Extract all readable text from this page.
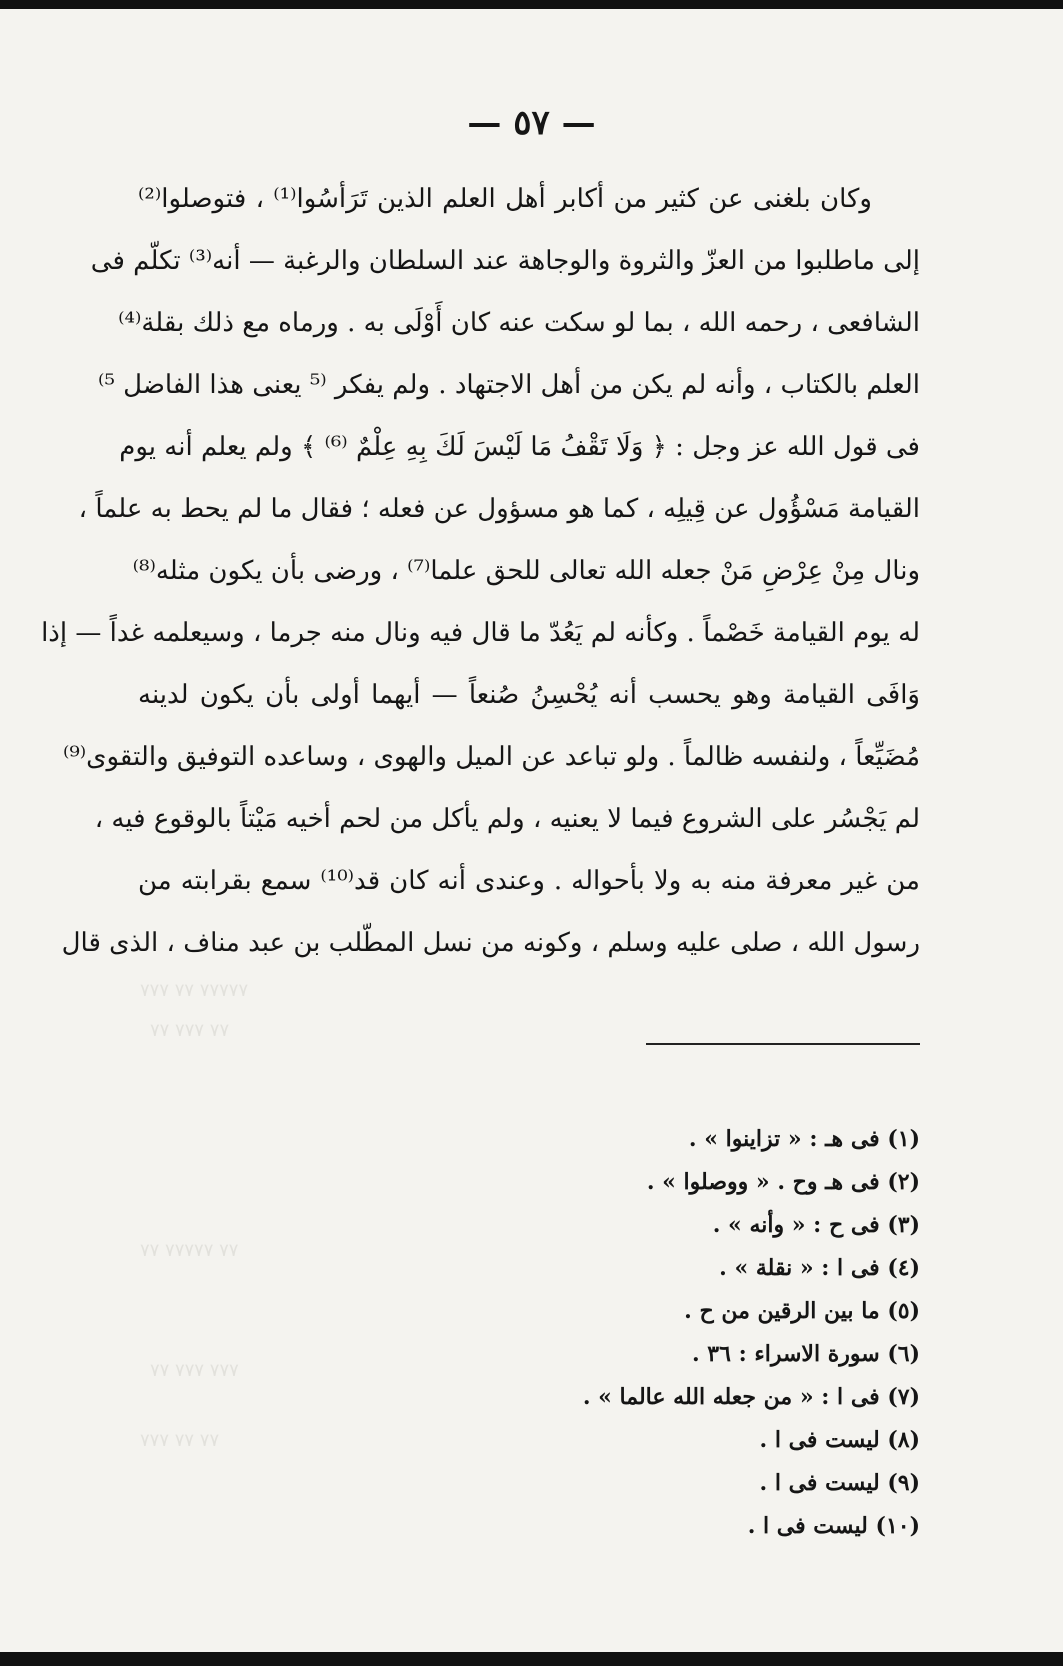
۷۷۷ ۷۷ ۷۷۷۷۷
۷۷ ۷۷۷ ۷۷
۷۷ ۷۷۷۷۷ ۷۷
۷۷ ۷۷۷ ۷۷۷
۷۷۷ ۷۷ ۷۷
— ٥٧ —
وكان بلغنى عن كثير من أكابر أهل العلم الذين تَرَأسُوا⁽¹⁾ ، فتوصلوا⁽²⁾
إلى ماطلبوا من العزّ والثروة والوجاهة عند السلطان والرغبة — أنه⁽³⁾ تكلّم فى
الشافعى ، رحمه الله ، بما لو سكت عنه كان أَوْلَى به . ورماه مع ذلك بقلة⁽⁴⁾
العلم بالكتاب ، وأنه لم يكن من أهل الاجتهاد . ولم يفكر ⁽⁵ يعنى هذا الفاضل ⁵⁾
فى قول الله عز وجل : ﴿ وَلَا تَقْفُ مَا لَيْسَ لَكَ بِهِ عِلْمٌ ⁽⁶⁾ ﴾ ولم يعلم أنه يوم
القيامة مَسْؤُول عن قِيلِه ، كما هو مسؤول عن فعله ؛ فقال ما لم يحط به علماً ،
ونال مِنْ عِرْضِ مَنْ جعله الله تعالى للحق علما⁽⁷⁾ ، ورضى بأن يكون مثله⁽⁸⁾
له يوم القيامة خَصْماً . وكأنه لم يَعُدّ ما قال فيه ونال منه جرما ، وسيعلمه غداً — إذا
وَافَى القيامة وهو يحسب أنه يُحْسِنُ صُنعاً — أيهما أولى بأن يكون لدينه
مُضَيِّعاً ، ولنفسه ظالماً . ولو تباعد عن الميل والهوى ، وساعده التوفيق والتقوى⁽⁹⁾
لم يَجْسُر على الشروع فيما لا يعنيه ، ولم يأكل من لحم أخيه مَيْتاً بالوقوع فيه ،
من غير معرفة منه به ولا بأحواله . وعندى أنه كان قد⁽¹⁰⁾ سمع بقرابته من
رسول الله ، صلى عليه وسلم ، وكونه من نسل المطّلب بن عبد مناف ، الذى قال
(١) فى هـ : « تزاينوا » .
(٢) فى هـ وح . « ووصلوا » .
(٣) فى ح : « وأنه » .
(٤) فى ا : « نقلة » .
(٥) ما بين الرقين من ح .
(٦) سورة الاسراء : ٣٦ .
(٧) فى ا : « من جعله الله عالما » .
(٨) ليست فى ا .
(٩) ليست فى ا .
(١٠) ليست فى ا .
